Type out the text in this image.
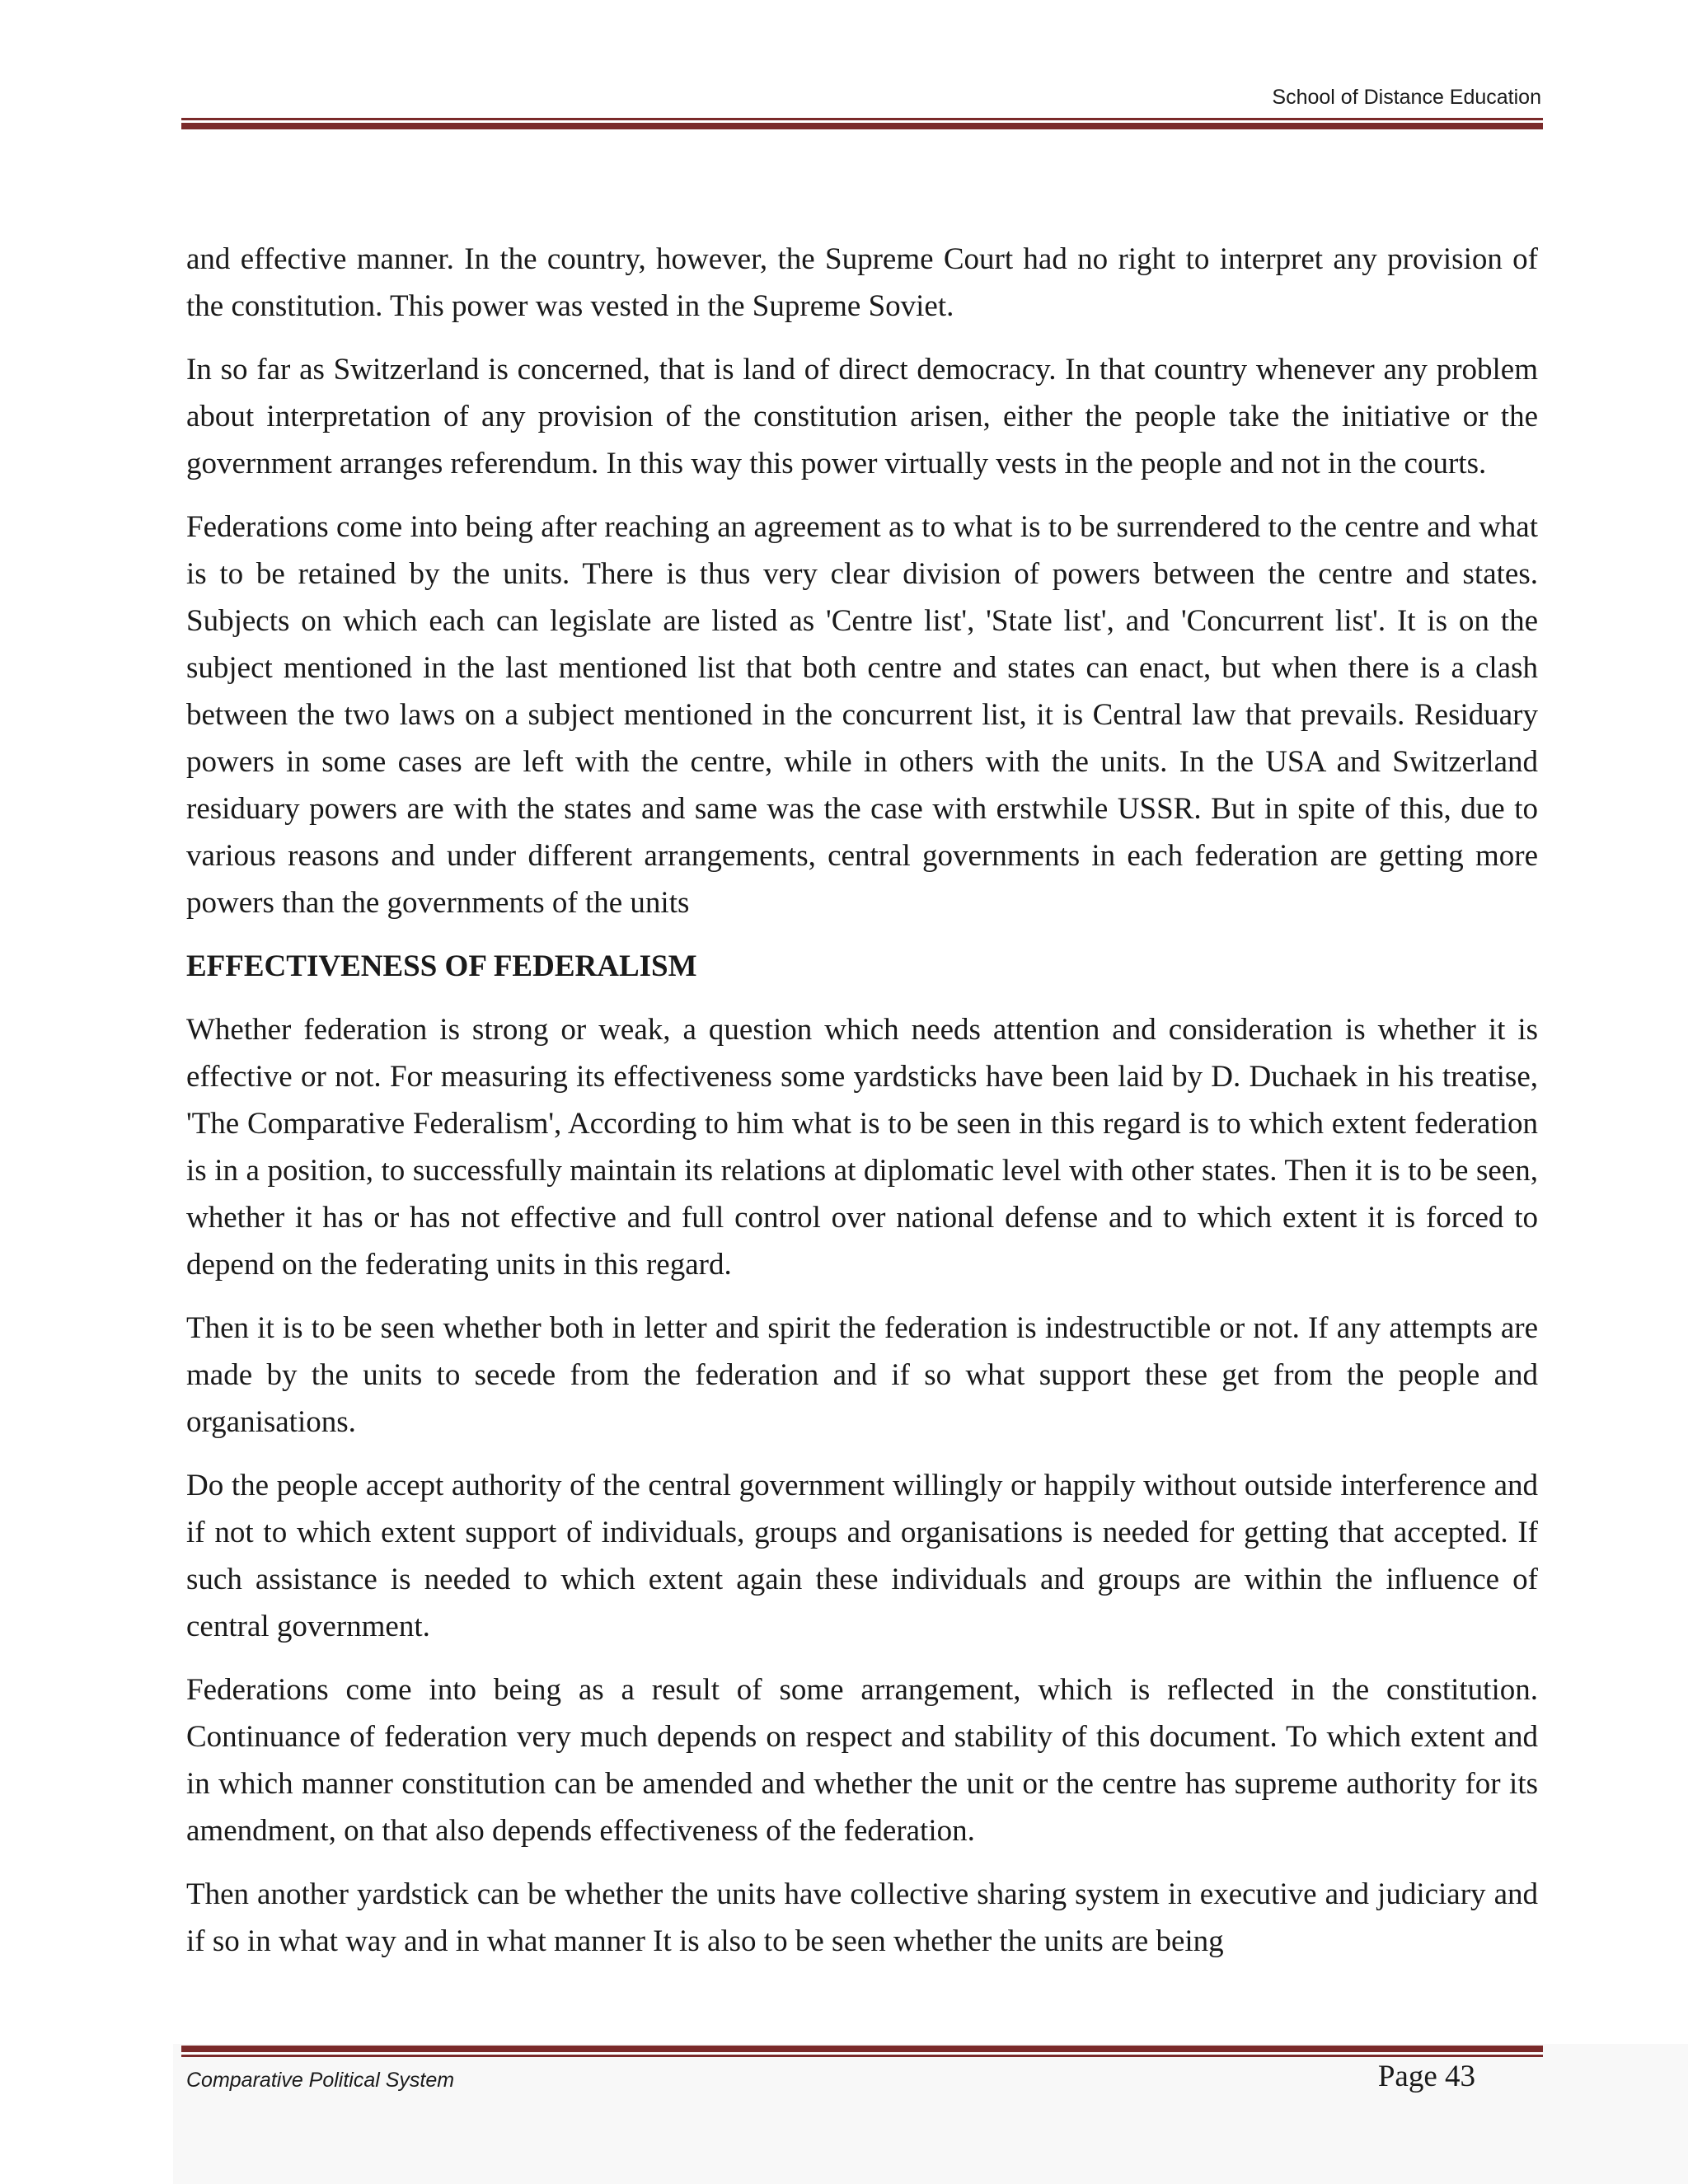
School of Distance Education

and effective manner. In the country, however, the Supreme Court had no right to interpret any provision of the constitution. This power was vested in the Supreme Soviet.

In so far as Switzerland is concerned, that is land of direct democracy. In that country whenever any problem about interpretation of any provision of the constitution arisen, either the people take the initiative or the government arranges referendum. In this way this power virtually vests in the people and not in the courts.

Federations come into being after reaching an agreement as to what is to be surrendered to the centre and what is to be retained by the units. There is thus very clear division of powers between the centre and states. Subjects on which each can legislate are listed as 'Centre list', 'State list', and 'Concurrent list'. It is on the subject mentioned in the last mentioned list that both centre and states can enact, but when there is a clash between the two laws on a subject mentioned in the concurrent list, it is Central law that prevails. Residuary powers in some cases are left with the centre, while in others with the units. In the USA and Switzerland residuary powers are with the states and same was the case with erstwhile USSR. But in spite of this, due to various reasons and under different arrangements, central governments in each federation are getting more powers than the governments of the units

EFFECTIVENESS OF FEDERALISM

Whether federation is strong or weak, a question which needs attention and consideration is whether it is effective or not. For measuring its effectiveness some yardsticks have been laid by D. Duchaek in his treatise, 'The Comparative Federalism', According to him what is to be seen in this regard is to which extent federation is in a position, to successfully maintain its relations at diplomatic level with other states. Then it is to be seen, whether it has or has not effective and full control over national defense and to which extent it is forced to depend on the federating units in this regard.

Then it is to be seen whether both in letter and spirit the federation is indestructible or not. If any attempts are made by the units to secede from the federation and if so what support these get from the people and organisations.

Do the people accept authority of the central government willingly or happily without outside interference and if not to which extent support of individuals, groups and organisations is needed for getting that accepted. If such assistance is needed to which extent again these individuals and groups are within the influence of central government.

Federations come into being as a result of some arrangement, which is reflected in the constitution. Continuance of federation very much depends on respect and stability of this document. To which extent and in which manner constitution can be amended and whether the unit or the centre has supreme authority for its amendment, on that also depends effectiveness of the federation.

Then another yardstick can be whether the units have collective sharing system in executive and judiciary and if so in what way and in what manner It is also to be seen whether the units are being

Comparative Political System	Page 43
